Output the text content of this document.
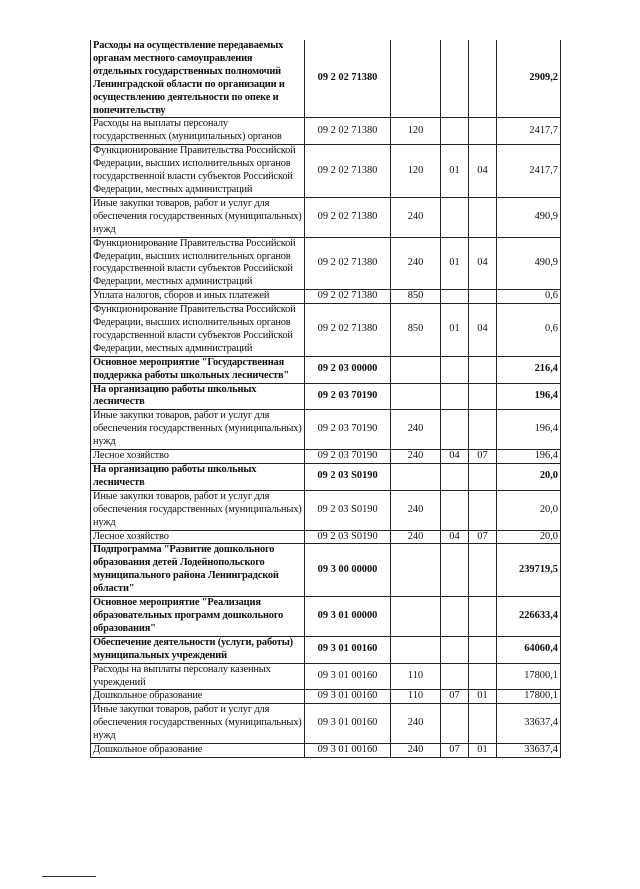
Расходы на осуществление передаваемых органам местного самоуправления отдельных государственных полномочий Ленинградской области по организации и осуществлению деятельности по опеке и попечительству	09 2 02 71380				2909,2
Расходы на выплаты персоналу государственных (муниципальных) органов	09 2 02 71380	120			2417,7
Функционирование Правительства Российской Федерации, высших исполнительных органов государственной власти субъектов Российской Федерации, местных администраций	09 2 02 71380	120	01	04	2417,7
Иные закупки товаров, работ и услуг для обеспечения государственных (муниципальных) нужд	09 2 02 71380	240			490,9
Функционирование Правительства Российской Федерации, высших исполнительных органов государственной власти субъектов Российской Федерации, местных администраций	09 2 02 71380	240	01	04	490,9
Уплата налогов, сборов и иных платежей	09 2 02 71380	850			0,6
Функционирование Правительства Российской Федерации, высших исполнительных органов государственной власти субъектов Российской Федерации, местных администраций	09 2 02 71380	850	01	04	0,6
Основное мероприятие "Государственная поддержка работы школьных лесничеств"	09 2 03 00000				216,4
На организацию работы школьных лесничеств	09 2 03 70190				196,4
Иные закупки товаров, работ и услуг для обеспечения государственных (муниципальных) нужд	09 2 03 70190	240			196,4
Лесное хозяйство	09 2 03 70190	240	04	07	196,4
На организацию работы школьных лесничеств	09 2 03 S0190				20,0
Иные закупки товаров, работ и услуг для обеспечения государственных (муниципальных) нужд	09 2 03 S0190	240			20,0
Лесное хозяйство	09 2 03 S0190	240	04	07	20,0
Подпрограмма "Развитие дошкольного образования детей Лодейнопольского муниципального района Ленинградской области"	09 3 00 00000				239719,5
Основное мероприятие "Реализация образовательных программ дошкольного образования"	09 3 01 00000				226633,4
Обеспечение деятельности (услуги, работы) муниципальных учреждений	09 3 01 00160				64060,4
Расходы на выплаты персоналу казенных учреждений	09 3 01 00160	110			17800,1
Дошкольное образование	09 3 01 00160	110	07	01	17800,1
Иные закупки товаров, работ и услуг для обеспечения государственных (муниципальных) нужд	09 3 01 00160	240			33637,4
Дошкольное образование	09 3 01 00160	240	07	01	33637,4
